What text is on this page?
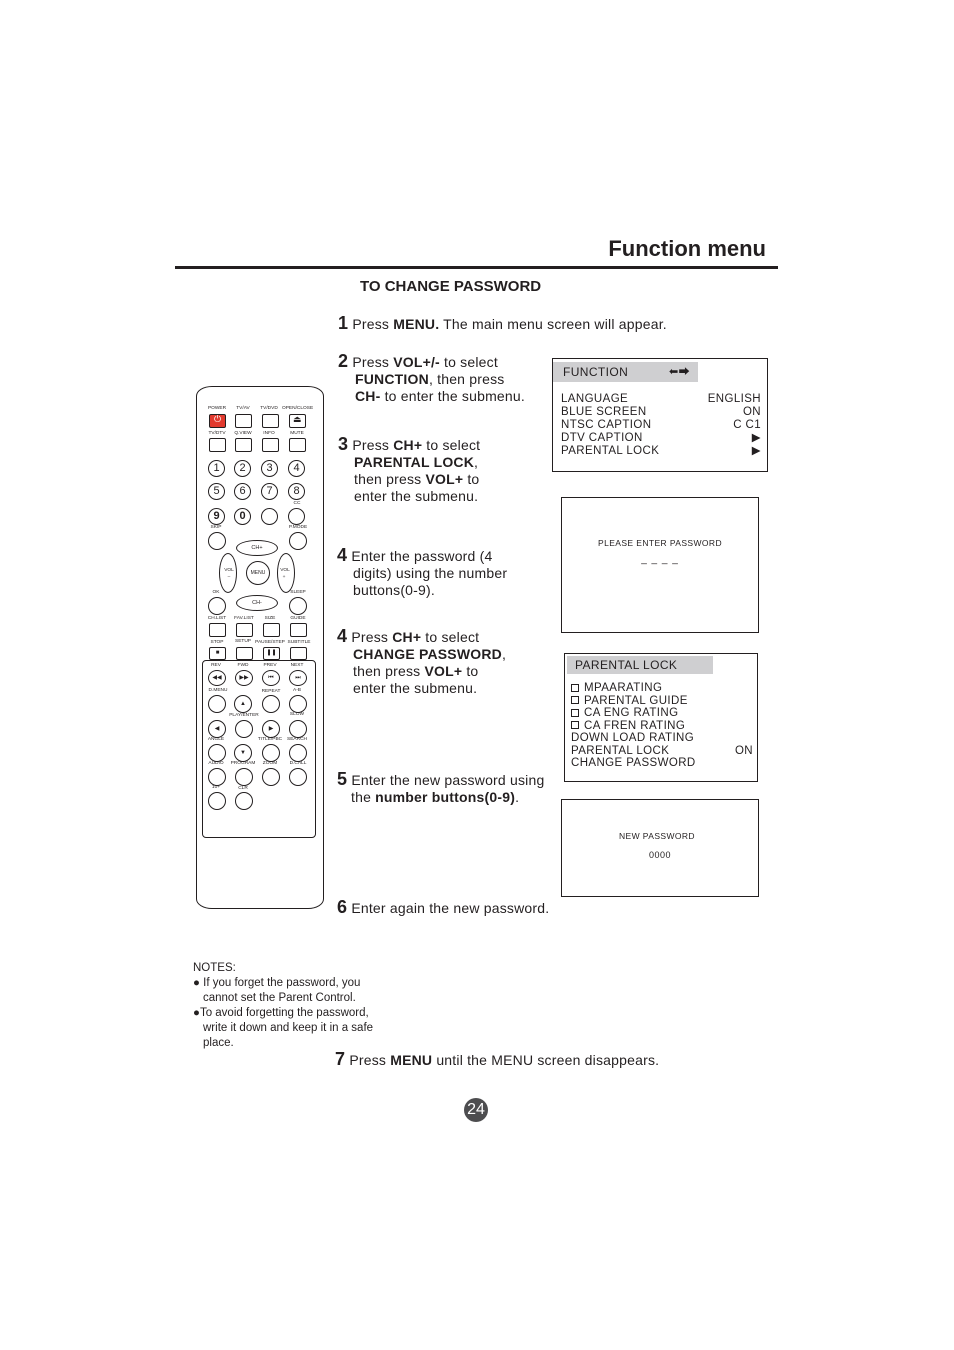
Function menu
TO CHANGE PASSWORD
1 Press MENU. The main menu screen will appear.
2 Press VOL+/- to select
FUNCTION, then press
CH- to enter the submenu.
3 Press CH+ to select
PARENTAL LOCK,
then press VOL+ to
enter the submenu.
4 Enter the password (4
digits) using the number
buttons(0-9).
4 Press CH+ to select
CHANGE PASSWORD,
then press VOL+ to
enter the submenu.
5 Enter the new password using
the number buttons(0-9).
6 Enter again the new password.
7 Press MENU until the MENU screen disappears.
FUNCTION	⬅⮕
LANGUAGE	ENGLISH
BLUE SCREEN	ON
NTSC CAPTION	C C1
DTV CAPTION	▶
PARENTAL LOCK	▶
PLEASE ENTER PASSWORD
_ _ _ _
PARENTAL LOCK
MPAARATING
PARENTAL GUIDE
CA ENG RATING
CA FREN RATING
DOWN LOAD RATING
PARENTAL LOCK	ON
CHANGE PASSWORD
NEW PASSWORD
0000
NOTES:
● If you forget the password, you
cannot set the Parent Control.
●To avoid forgetting the password,
write it down and keep it in a safe
place.
24
POWER	TV/AV	TV/DVD OPEN/CLOSE
⏻	⏏
TV/DTV	Q.VIEW	INFO	MUTE
1	2	3	4
5	6	7	8
9	0
CC
SKIP	P.MODE
CH+
CH-
VOL	VOL
–	+
MENU
OK	SLEEP
CH.LIST	FAV.LIST	SIZE	GUIDE
STOP	SETUP PAUSE/STEP SUBTITLE
■	❚❚
REV	FWD	PREV	NEXT
◀◀	▶▶	⏮	⏭
D.MENU	REPEAT	A-B
▲
PLAY/ENTER	SLOW
◀	▶
ANGLE	TITLE/PBC	SEARCH
▼
AUDIO	PROGRAM	ZOOM	D.CALL
10+	CLR
